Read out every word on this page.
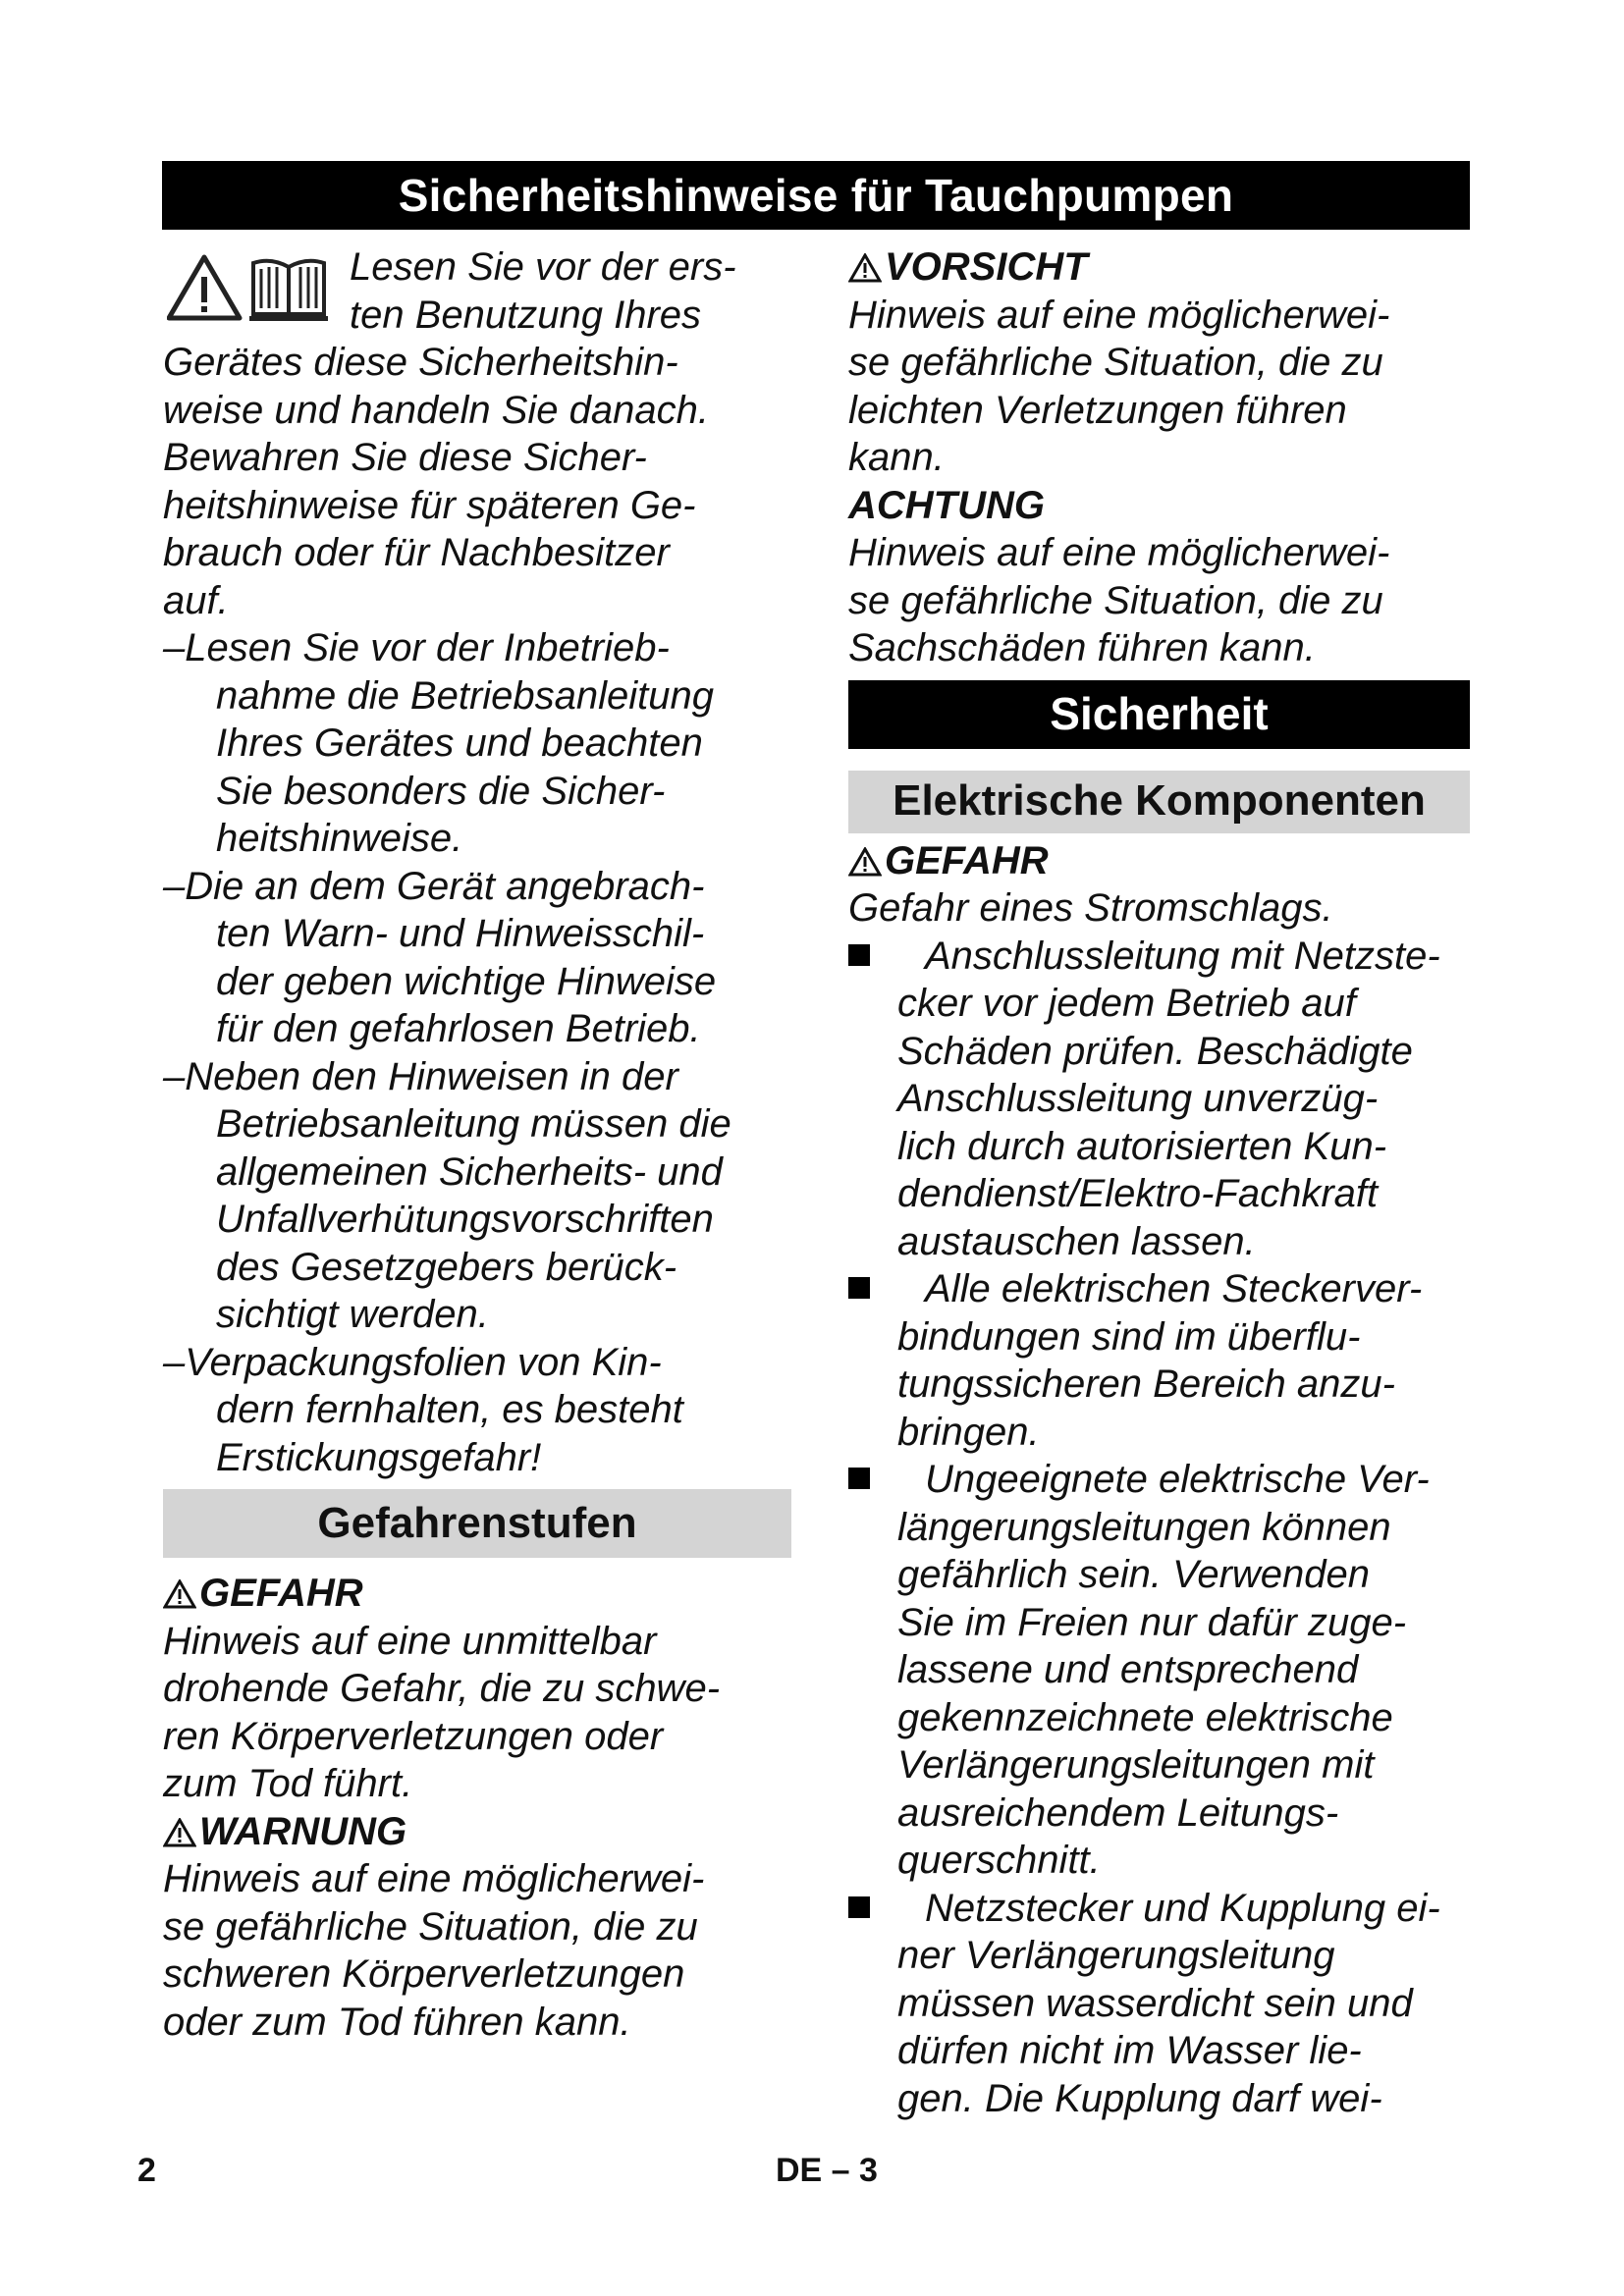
Sicherheitshinweise für Tauchpumpen
Lesen Sie vor der ers-
ten Benutzung Ihres
Gerätes diese Sicherheitshin-
weise und handeln Sie danach.
Bewahren Sie diese Sicher-
heitshinweise für späteren Ge-
brauch oder für Nachbesitzer
auf.
–Lesen Sie vor der Inbetrieb-
nahme die Betriebsanleitung
Ihres Gerätes und beachten
Sie besonders die Sicher-
heitshinweise.
–Die an dem Gerät angebrach-
ten Warn- und Hinweisschil-
der geben wichtige Hinweise
für den gefahrlosen Betrieb.
–Neben den Hinweisen in der
Betriebsanleitung müssen die
allgemeinen Sicherheits- und
Unfallverhütungsvorschriften
des Gesetzgebers berück-
sichtigt werden.
–Verpackungsfolien von Kin-
dern fernhalten, es besteht
Erstickungsgefahr!
Gefahrenstufen
GEFAHR
Hinweis auf eine unmittelbar
drohende Gefahr, die zu schwe-
ren Körperverletzungen oder
zum Tod führt.
WARNUNG
Hinweis auf eine möglicherwei-
se gefährliche Situation, die zu
schweren Körperverletzungen
oder zum Tod führen kann.
VORSICHT
Hinweis auf eine möglicherwei-
se gefährliche Situation, die zu
leichten Verletzungen führen
kann.
ACHTUNG
Hinweis auf eine möglicherwei-
se gefährliche Situation, die zu
Sachschäden führen kann.
Sicherheit
Elektrische Komponenten
GEFAHR
Gefahr eines Stromschlags.
Anschlussleitung mit Netzste-
cker vor jedem Betrieb auf
Schäden prüfen. Beschädigte
Anschlussleitung unverzüg-
lich durch autorisierten Kun-
dendienst/Elektro-Fachkraft
austauschen lassen.
Alle elektrischen Steckerver-
bindungen sind im überflu-
tungssicheren Bereich anzu-
bringen.
Ungeeignete elektrische Ver-
längerungsleitungen können
gefährlich sein. Verwenden
Sie im Freien nur dafür zuge-
lassene und entsprechend
gekennzeichnete elektrische
Verlängerungsleitungen mit
ausreichendem Leitungs-
querschnitt.
Netzstecker und Kupplung ei-
ner Verlängerungsleitung
müssen wasserdicht sein und
dürfen nicht im Wasser lie-
gen. Die Kupplung darf wei-
2	DE – 3
